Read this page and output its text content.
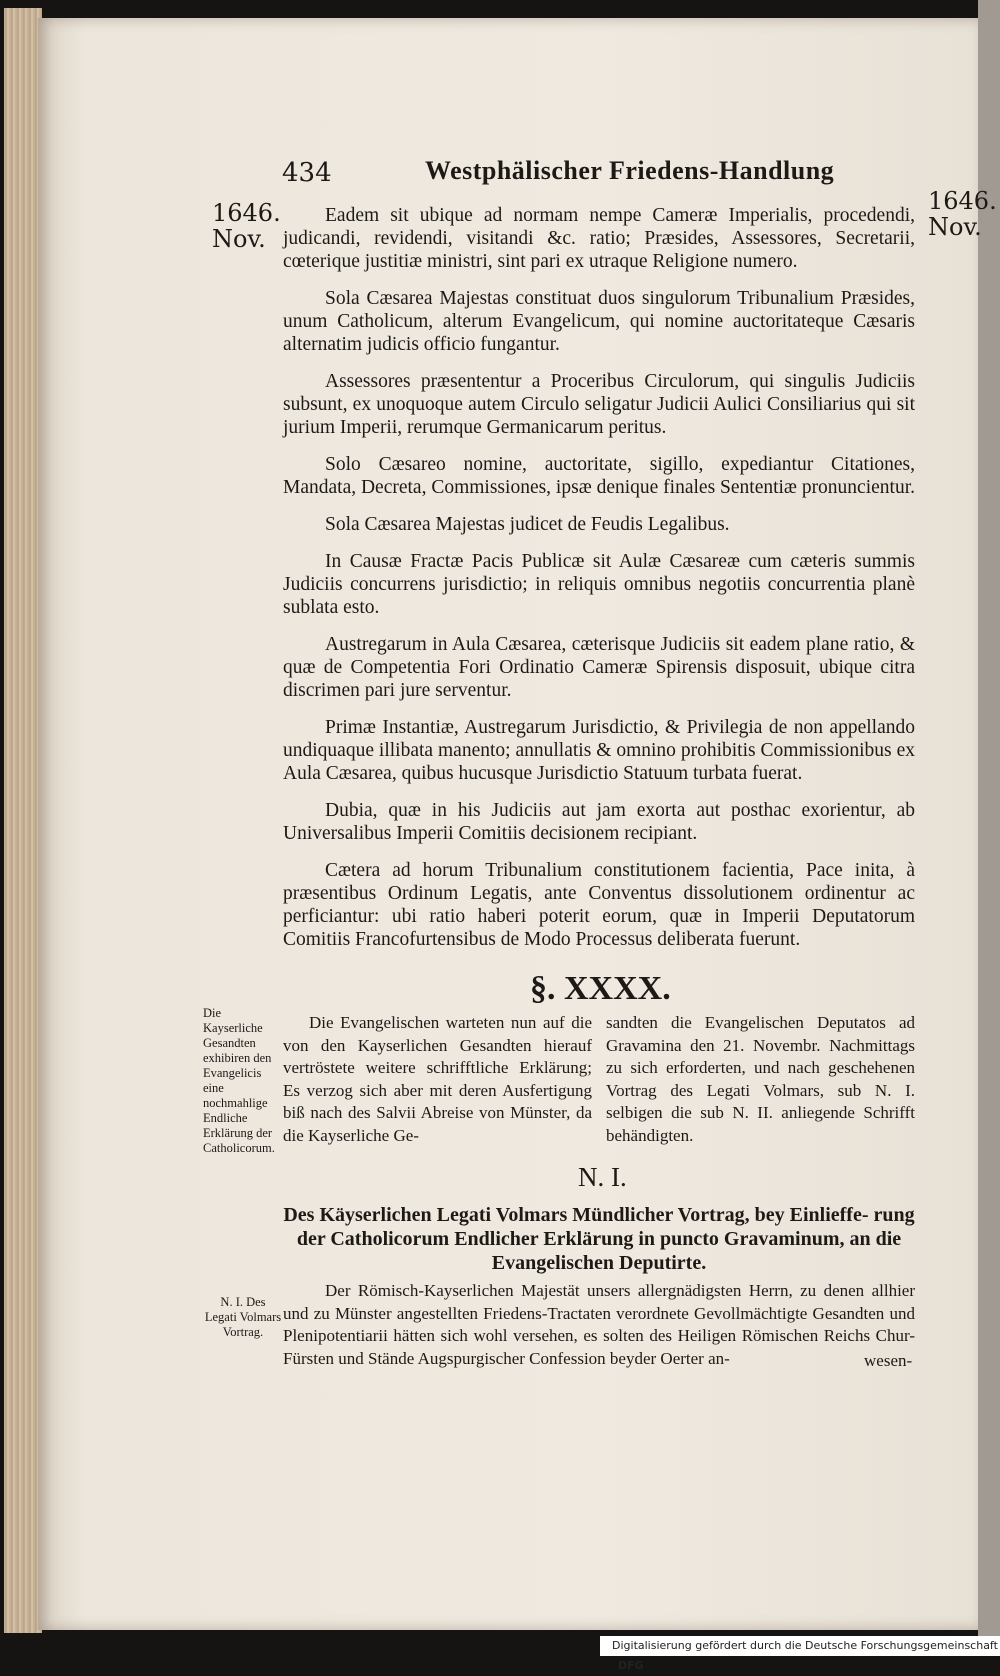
434	Westphälischer Friedens-Handlung
1646.
Nov.
1646.
Nov.

Eadem sit ubique ad normam nempe Cameræ Imperialis, procedendi, judicandi, revidendi, visitandi &c. ratio; Præsides, Assessores, Secretarii, cœterique justitiæ ministri, sint pari ex utraque Religione numero.

Sola Cæsarea Majestas constituat duos singulorum Tribunalium Præsides, unum Catholicum, alterum Evangelicum, qui nomine auctoritateque Cæsaris alternatim judicis officio fungantur.

Assessores præsententur a Proceribus Circulorum, qui singulis Judiciis subsunt, ex unoquoque autem Circulo seligatur Judicii Aulici Consiliarius qui sit jurium Imperii, rerumque Germanicarum peritus.

Solo Cæsareo nomine, auctoritate, sigillo, expediantur Citationes, Mandata, Decreta, Commissiones, ipsæ denique finales Sententiæ pronuncientur.

Sola Cæsarea Majestas judicet de Feudis Legalibus.

In Causæ Fractæ Pacis Publicæ sit Aulæ Cæsareæ cum cæteris summis Judiciis concurrens jurisdictio; in reliquis omnibus negotiis concurrentia planè sublata esto.

Austregarum in Aula Cæsarea, cæterisque Judiciis sit eadem plane ratio, & quæ de Competentia Fori Ordinatio Cameræ Spirensis disposuit, ubique citra discrimen pari jure serventur.

Primæ Instantiæ, Austregarum Jurisdictio, & Privilegia de non appellando undiquaque illibata manento; annullatis & omnino prohibitis Commissionibus ex Aula Cæsarea, quibus hucusque Jurisdictio Statuum turbata fuerat.

Dubia, quæ in his Judiciis aut jam exorta aut posthac exorientur, ab Universalibus Imperii Comitiis decisionem recipiant.

Cætera ad horum Tribunalium constitutionem facientia, Pace inita, à præsentibus Ordinum Legatis, ante Conventus dissolutionem ordinentur ac perficiantur: ubi ratio haberi poterit eorum, quæ in Imperii Deputatorum Comitiis Francofurtensibus de Modo Processus deliberata fuerunt.

§. XXXX.
Die Kayserliche Gesandten exhibiren den Evangelicis eine nochmahlige Endliche Erklärung der Catholicorum.
Die Evangelischen warteten nun auf die von den Kayserlichen Gesandten hierauf vertröstete weitere schrifftliche Erklärung; Es verzog sich aber mit deren Ausfertigung biß nach des Salvii Abreise von Münster, da die Kayserliche Ge-
sandten die Evangelischen Deputatos ad Gravamina den 21. Novembr. Nachmittags zu sich erforderten, und nach geschehenen Vortrag des Legati Volmars, sub N. I. selbigen die sub N. II. anliegende Schrifft behändigten.
N. I.
Des Käyserlichen Legati Volmars Mündlicher Vortrag, bey Einlieffe- rung der Catholicorum Endlicher Erklärung in puncto Gravaminum, an die Evangelischen Deputirte.
N. I. Des Legati Volmars Vortrag.
Der Römisch-Kayserlichen Majestät unsers allergnädigsten Herrn, zu denen allhier und zu Münster angestellten Friedens-Tractaten verordnete Gevollmächtigte Gesandten und Plenipotentiarii hätten sich wohl versehen, es solten des Heiligen Römischen Reichs Chur-Fürsten und Stände Augspurgischer Confession beyder Oerter an-	wesen-
Digitalisierung gefördert durch die Deutsche Forschungsgemeinschaft DFG
